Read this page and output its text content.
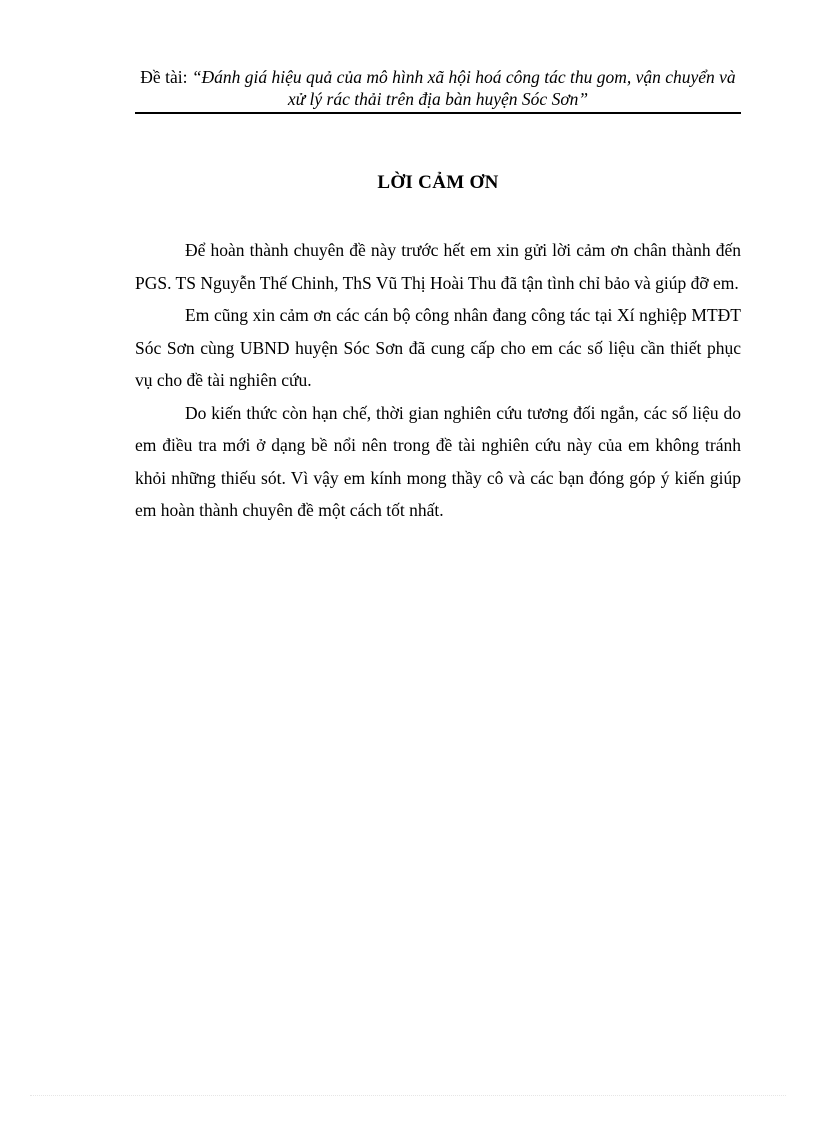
Đề tài: “Đánh giá hiệu quả của mô hình xã hội hoá công tác thu gom, vận chuyển và xử lý rác thải trên địa bàn huyện Sóc Sơn”
LỜI CẢM ƠN

Để hoàn thành chuyên đề này trước hết em xin gửi lời cảm ơn chân thành đến PGS. TS Nguyễn Thế Chinh, ThS Vũ Thị Hoài Thu đã tận tình chỉ bảo và giúp đỡ em.

Em cũng xin cảm ơn các cán bộ công nhân đang công tác tại Xí nghiệp MTĐT Sóc Sơn cùng UBND huyện Sóc Sơn đã cung cấp cho em các số liệu cần thiết phục vụ cho đề tài nghiên cứu.

Do kiến thức còn hạn chế, thời gian nghiên cứu tương đối ngắn, các số liệu do em điều tra mới ở dạng bề nổi nên trong đề tài nghiên cứu này của em không tránh khỏi những thiếu sót. Vì vậy em kính mong thầy cô và các bạn đóng góp ý kiến giúp em hoàn thành chuyên đề một cách tốt nhất.
